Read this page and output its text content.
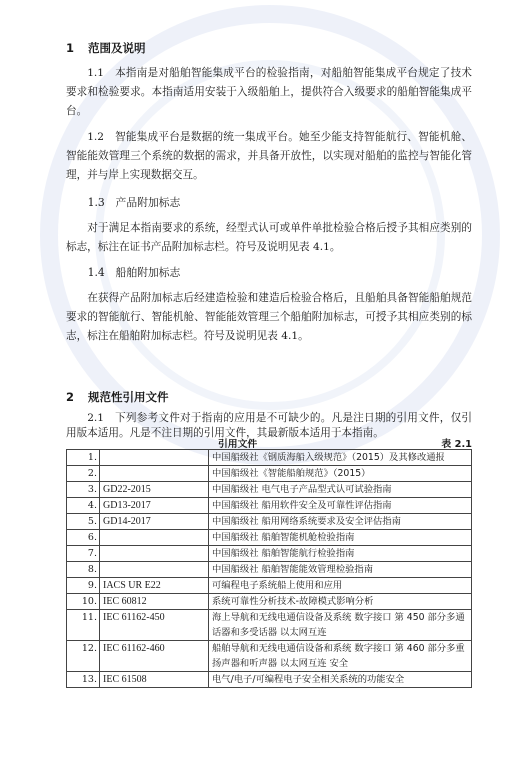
1 范围及说明

1.1　本指南是对船舶智能集成平台的检验指南，对船舶智能集成平台规定了技术要求和检验要求。本指南适用安装于入级船舶上，提供符合入级要求的船舶智能集成平台。

1.2　智能集成平台是数据的统一集成平台。她至少能支持智能航行、智能机舱、智能能效管理三个系统的数据的需求，并具备开放性，以实现对船舶的监控与智能化管理，并与岸上实现数据交互。

1.3　产品附加标志

对于满足本指南要求的系统，经型式认可或单件单批检验合格后授予其相应类别的标志，标注在证书产品附加标志栏。符号及说明见表 4.1。

1.4　船舶附加标志

在获得产品附加标志后经建造检验和建造后检验合格后，且船舶具备智能船舶规范要求的智能航行、智能机舱、智能能效管理三个船舶附加标志，可授予其相应类别的标志，标注在船舶附加标志栏。符号及说明见表 4.1。

2 规范性引用文件

2.1　下列参考文件对于指南的应用是不可缺少的。凡是注日期的引用文件，仅引用版本适用。凡是不注日期的引用文件，其最新版本适用于本指南。

引用文件	表 2.1
1.		中国船级社《钢质海船入级规范》（2015）及其修改通报
2.		中国船级社《智能船舶规范》（2015）
3.	GD22-2015	中国船级社 电气电子产品型式认可试验指南
4.	GD13-2017	中国船级社 船用软件安全及可靠性评估指南
5.	GD14-2017	中国船级社 船用网络系统要求及安全评估指南
6.		中国船级社 船舶智能机舱检验指南
7.		中国船级社 船舶智能航行检验指南
8.		中国船级社 船舶智能能效管理检验指南
9.	IACS UR E22	可编程电子系统船上使用和应用
10.	IEC 60812	系统可靠性分析技术-故障模式影响分析
11.	IEC 61162-450	海上导航和无线电通信设备及系统 数字接口 第 450 部分多通话器和多受话器 以太网互连
12.	IEC 61162-460	船舶导航和无线电通信设备和系统 数字接口 第 460 部分多重扬声器和听声器 以太网互连 安全
13.	IEC 61508	电气/电子/可编程电子安全相关系统的功能安全
